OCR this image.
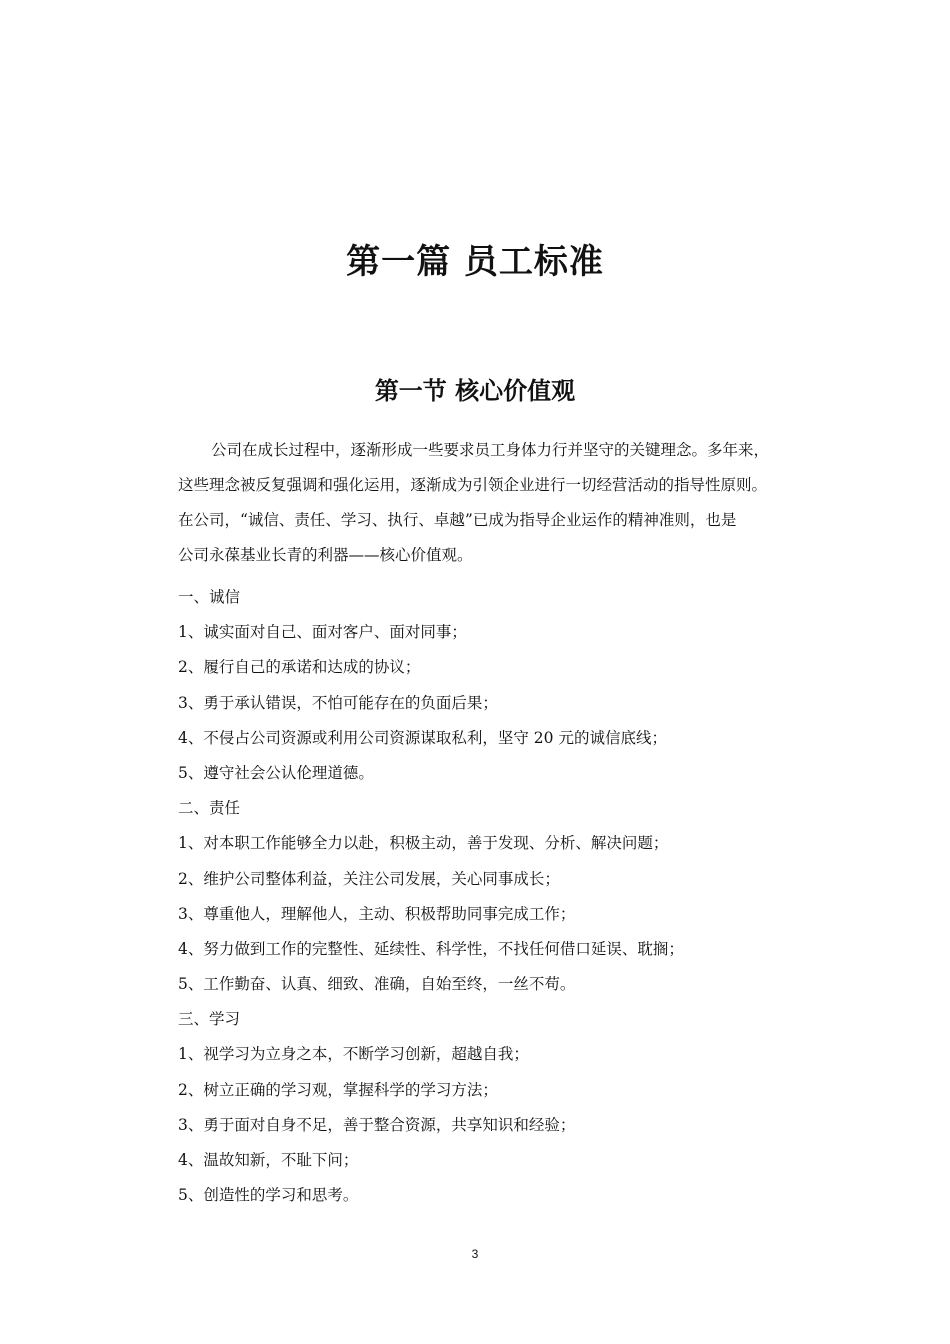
第一篇 员工标准
第一节 核心价值观

公司在成长过程中，逐渐形成一些要求员工身体力行并坚守的关键理念。多年来，

这些理念被反复强调和强化运用，逐渐成为引领企业进行一切经营活动的指导性原则。

在公司，“诚信、责任、学习、执行、卓越”已成为指导企业运作的精神准则，也是

公司永葆基业长青的利器——核心价值观。

一、诚信
1、诚实面对自己、面对客户、面对同事；
2、履行自己的承诺和达成的协议；
3、勇于承认错误，不怕可能存在的负面后果；
4、不侵占公司资源或利用公司资源谋取私利，坚守 20 元的诚信底线；
5、遵守社会公认伦理道德。
二、责任
1、对本职工作能够全力以赴，积极主动，善于发现、分析、解决问题；
2、维护公司整体利益，关注公司发展，关心同事成长；
3、尊重他人，理解他人，主动、积极帮助同事完成工作；
4、努力做到工作的完整性、延续性、科学性，不找任何借口延误、耽搁；
5、工作勤奋、认真、细致、准确，自始至终，一丝不苟。
三、学习
1、视学习为立身之本，不断学习创新，超越自我；
2、树立正确的学习观，掌握科学的学习方法；
3、勇于面对自身不足，善于整合资源，共享知识和经验；
4、温故知新，不耻下问；
5、创造性的学习和思考。
3
